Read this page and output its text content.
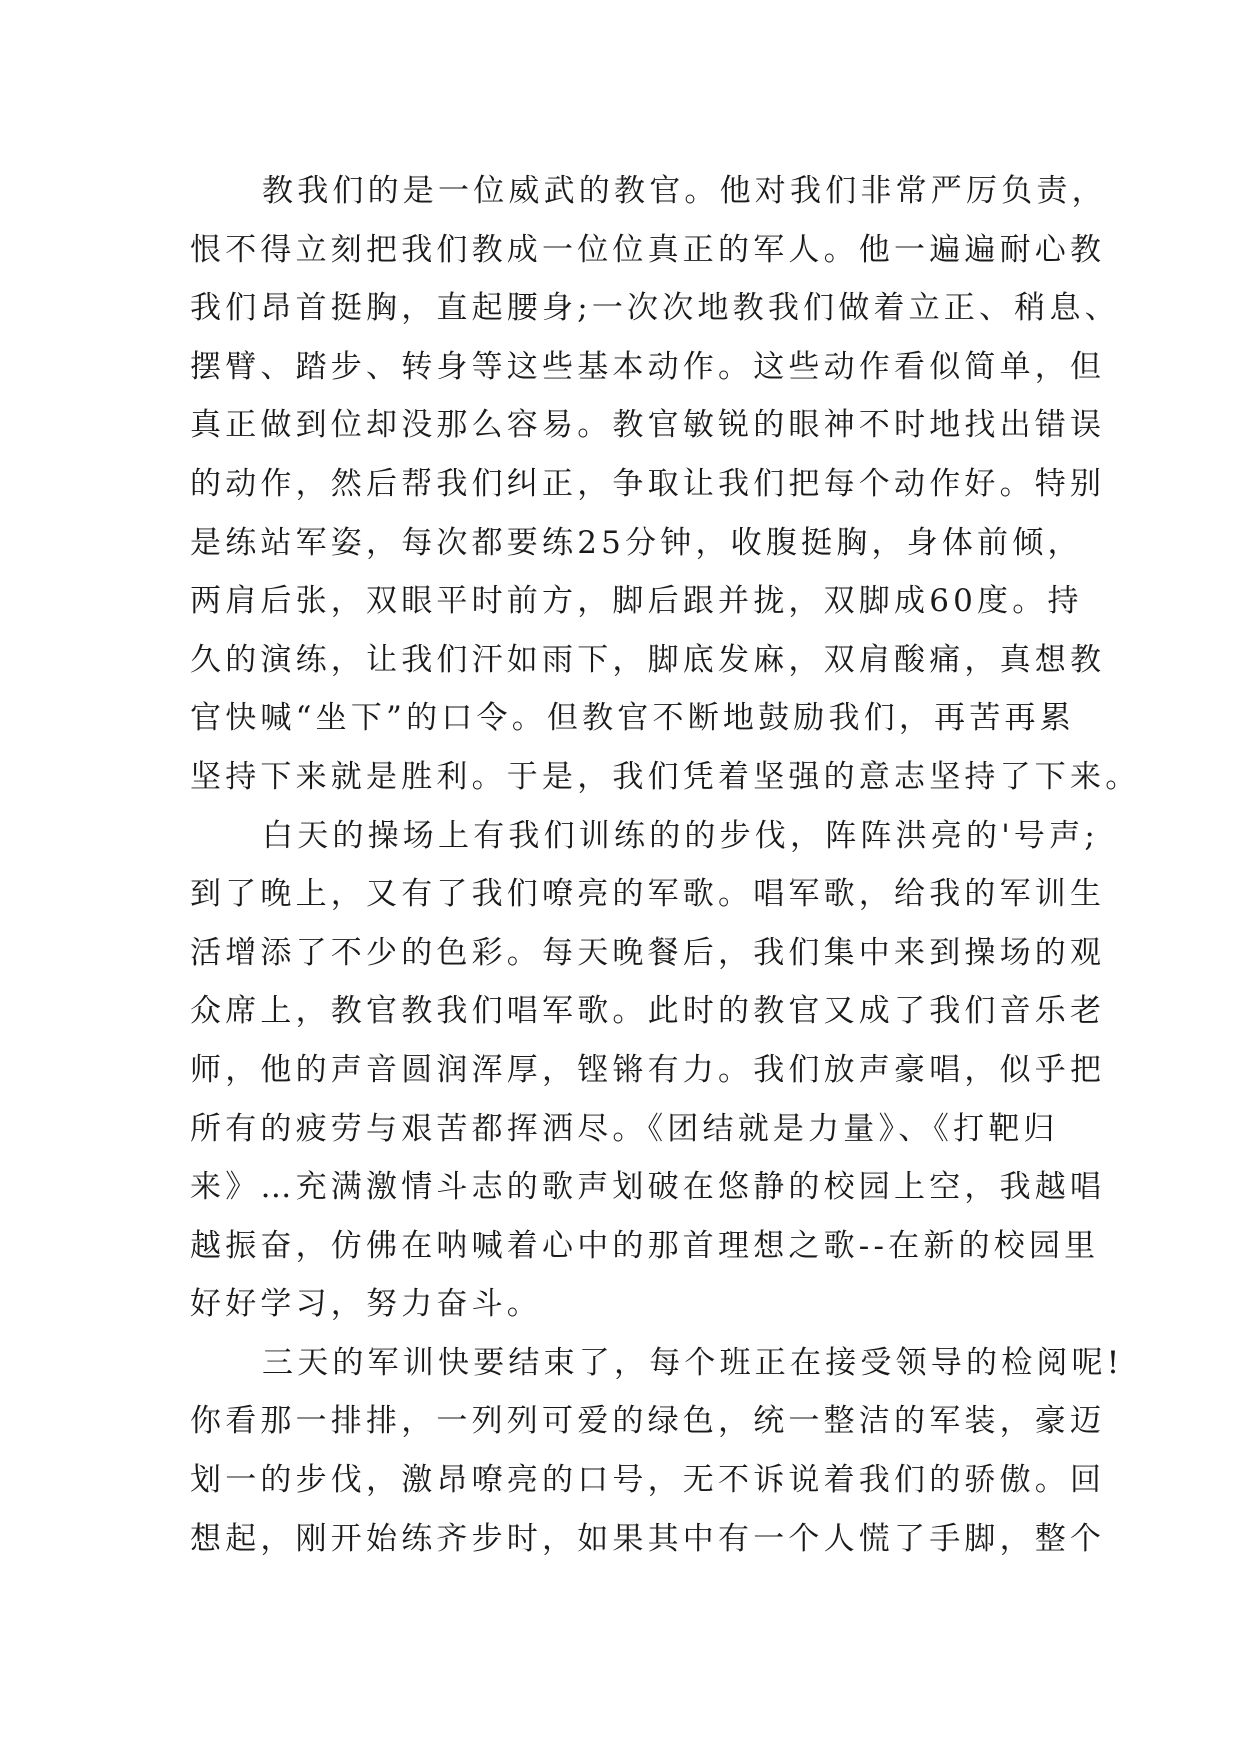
教我们的是一位威武的教官。他对我们非常严厉负责，
恨不得立刻把我们教成一位位真正的军人。他一遍遍耐心教
我们昂首挺胸，直起腰身;一次次地教我们做着立正、稍息、
摆臂、踏步、转身等这些基本动作。这些动作看似简单，但
真正做到位却没那么容易。教官敏锐的眼神不时地找出错误
的动作，然后帮我们纠正，争取让我们把每个动作好。特别
是练站军姿，每次都要练25分钟，收腹挺胸，身体前倾，
两肩后张，双眼平时前方，脚后跟并拢，双脚成60度。持
久的演练，让我们汗如雨下，脚底发麻，双肩酸痛，真想教
官快喊“坐下”的口令。但教官不断地鼓励我们，再苦再累
坚持下来就是胜利。于是，我们凭着坚强的意志坚持了下来。
白天的操场上有我们训练的的步伐，阵阵洪亮的'号声;
到了晚上，又有了我们嘹亮的军歌。唱军歌，给我的军训生
活增添了不少的色彩。每天晚餐后，我们集中来到操场的观
众席上，教官教我们唱军歌。此时的教官又成了我们音乐老
师，他的声音圆润浑厚，铿锵有力。我们放声豪唱，似乎把
所有的疲劳与艰苦都挥洒尽。《团结就是力量》、《打靶归
来》…充满激情斗志的歌声划破在悠静的校园上空，我越唱
越振奋，仿佛在呐喊着心中的那首理想之歌--在新的校园里
好好学习，努力奋斗。
三天的军训快要结束了，每个班正在接受领导的检阅呢!
你看那一排排，一列列可爱的绿色，统一整洁的军装，豪迈
划一的步伐，激昂嘹亮的口号，无不诉说着我们的骄傲。回
想起，刚开始练齐步时，如果其中有一个人慌了手脚，整个
